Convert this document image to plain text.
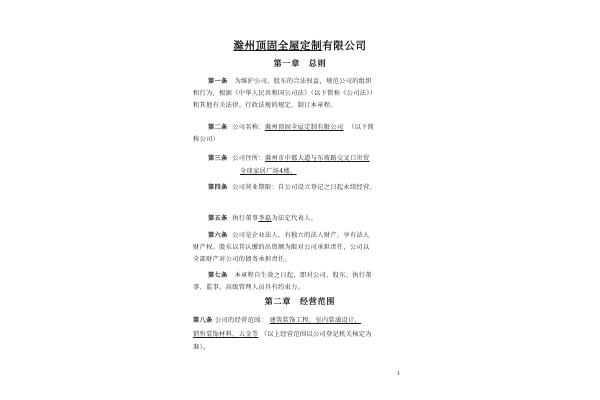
滁州顶固全屋定制有限公司
第一章　总则
第一条 为维护公司、股东的合法权益，规范公司的组织
和行为，根据《中华人民共和国公司法》（以下简称《公司法》）
和其他有关法律、行政法规的规定，制订本章程。
第二条 公司名称：滁州顶固全屋定制有限公司 （以下简
称公司）
第三条 公司住所：滁州市中都大道与东坡路交叉口世贸
全球家居广场4楼。
第四条 公司营业期限：自公司设立登记之日起永续经营。
第五条 执行董事李磊为法定代表人。
第六条 公司是企业法人，有独立的法人财产，享有法人
财产权。股东以其认缴的出资额为限对公司承担责任，公司以
全部财产对公司的债务承担责任。
第七条 本章程自生效之日起，即对公司、股东、执行董
事、监事、高级管理人员具有约束力。
第二章　经营范围
第八条 公司的经营范围： 建筑装饰工程，室内装潢设计，
销售装饰材料、五金等 （以上经营范围以公司登记机关核定为
准）。
1
